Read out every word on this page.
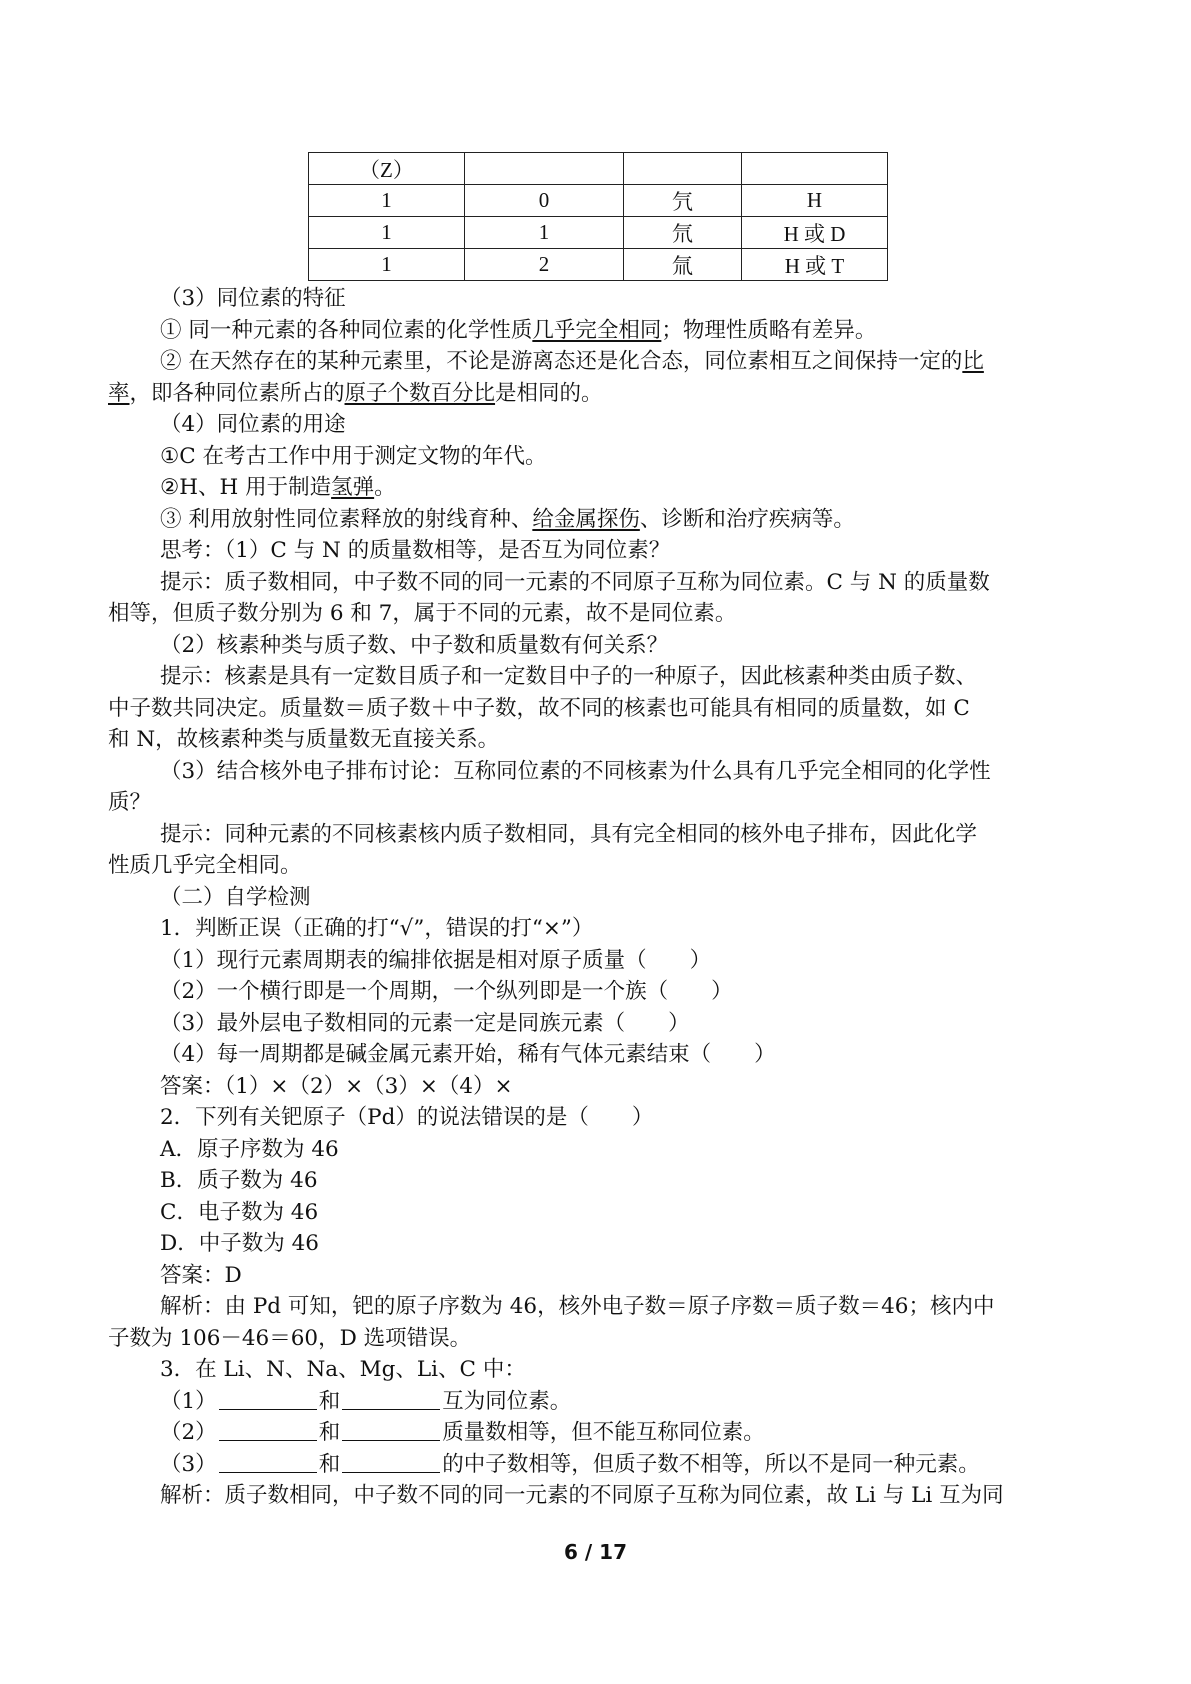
（Z）			
1	0	氕	H
1	1	氘	H 或 D
1	2	氚	H 或 T
（3）同位素的特征
① 同一种元素的各种同位素的化学性质几乎完全相同；物理性质略有差异。
② 在天然存在的某种元素里，不论是游离态还是化合态，同位素相互之间保持一定的比
率，即各种同位素所占的原子个数百分比是相同的。
（4）同位素的用途
①C 在考古工作中用于测定文物的年代。
②H、H 用于制造氢弹。
③ 利用放射性同位素释放的射线育种、给金属探伤、诊断和治疗疾病等。
思考：（1）C 与 N 的质量数相等，是否互为同位素？
提示：质子数相同，中子数不同的同一元素的不同原子互称为同位素。C 与 N 的质量数
相等，但质子数分别为 6 和 7，属于不同的元素，故不是同位素。
（2）核素种类与质子数、中子数和质量数有何关系？
提示：核素是具有一定数目质子和一定数目中子的一种原子，因此核素种类由质子数、
中子数共同决定。质量数＝质子数＋中子数，故不同的核素也可能具有相同的质量数，如 C
和 N，故核素种类与质量数无直接关系。
（3）结合核外电子排布讨论：互称同位素的不同核素为什么具有几乎完全相同的化学性
质？
提示：同种元素的不同核素核内质子数相同，具有完全相同的核外电子排布，因此化学
性质几乎完全相同。
（二）自学检测
1．判断正误（正确的打“√”，错误的打“×”）
（1）现行元素周期表的编排依据是相对原子质量（　　）
（2）一个横行即是一个周期，一个纵列即是一个族（　　）
（3）最外层电子数相同的元素一定是同族元素（　　）
（4）每一周期都是碱金属元素开始，稀有气体元素结束（　　）
答案：（1）×（2）×（3）×（4）×
2．下列有关钯原子（Pd）的说法错误的是（　　）
A．原子序数为 46
B．质子数为 46
C．电子数为 46
D．中子数为 46
答案：D
解析：由 Pd 可知，钯的原子序数为 46，核外电子数＝原子序数＝质子数＝46；核内中
子数为 106－46＝60，D 选项错误。
3．在 Li、N、Na、Mg、Li、C 中：
（1）	和	互为同位素。
（2）	和	质量数相等，但不能互称同位素。
（3）	和	的中子数相等，但质子数不相等，所以不是同一种元素。
解析：质子数相同，中子数不同的同一元素的不同原子互称为同位素，故 Li 与 Li 互为同
6 / 17
